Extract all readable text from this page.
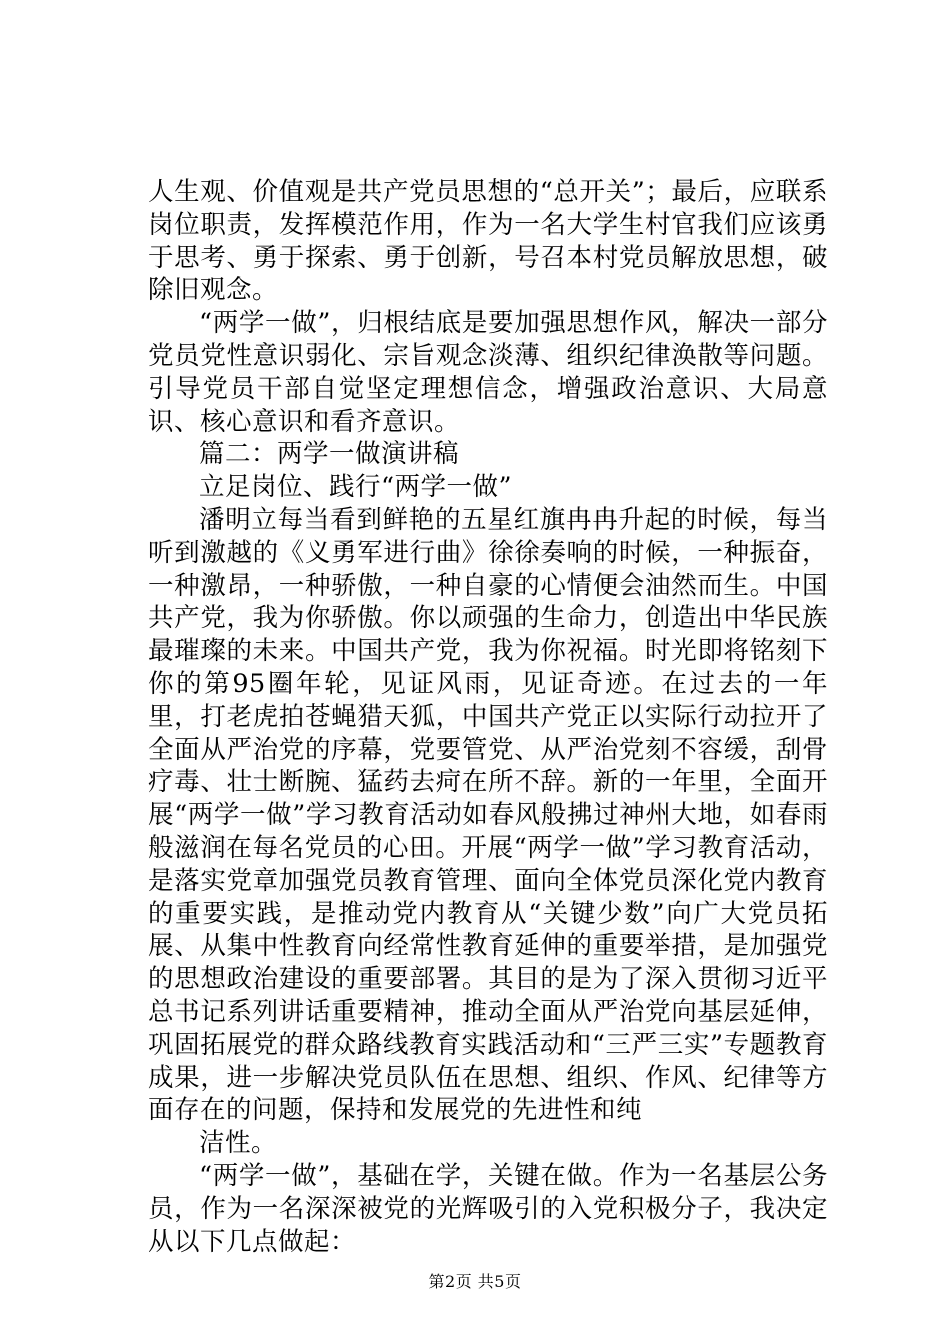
人生观、价值观是共产党员思想的“总开关”；最后，应联系岗位职责，发挥模范作用，作为一名大学生村官我们应该勇于思考、勇于探索、勇于创新，号召本村党员解放思想，破除旧观念。

“两学一做”，归根结底是要加强思想作风，解决一部分党员党性意识弱化、宗旨观念淡薄、组织纪律涣散等问题。引导党员干部自觉坚定理想信念，增强政治意识、大局意识、核心意识和看齐意识。

篇二：两学一做演讲稿

立足岗位、践行“两学一做”

潘明立每当看到鲜艳的五星红旗冉冉升起的时候，每当听到激越的《义勇军进行曲》徐徐奏响的时候，一种振奋，一种激昂，一种骄傲，一种自豪的心情便会油然而生。中国共产党，我为你骄傲。你以顽强的生命力，创造出中华民族最璀璨的未来。中国共产党，我为你祝福。时光即将铭刻下你的第95圈年轮，见证风雨，见证奇迹。在过去的一年里，打老虎拍苍蝇猎天狐，中国共产党正以实际行动拉开了全面从严治党的序幕，党要管党、从严治党刻不容缓，刮骨疗毒、壮士断腕、猛药去疴在所不辞。新的一年里，全面开展“两学一做”学习教育活动如春风般拂过神州大地，如春雨般滋润在每名党员的心田。开展“两学一做”学习教育活动，是落实党章加强党员教育管理、面向全体党员深化党内教育的重要实践，是推动党内教育从“关键少数”向广大党员拓展、从集中性教育向经常性教育延伸的重要举措，是加强党的思想政治建设的重要部署。其目的是为了深入贯彻习近平总书记系列讲话重要精神，推动全面从严治党向基层延伸，巩固拓展党的群众路线教育实践活动和“三严三实”专题教育成果，进一步解决党员队伍在思想、组织、作风、纪律等方面存在的问题，保持和发展党的先进性和纯

洁性。

“两学一做”，基础在学，关键在做。作为一名基层公务员，作为一名深深被党的光辉吸引的入党积极分子，我决定从以下几点做起：

第2页 共5页
